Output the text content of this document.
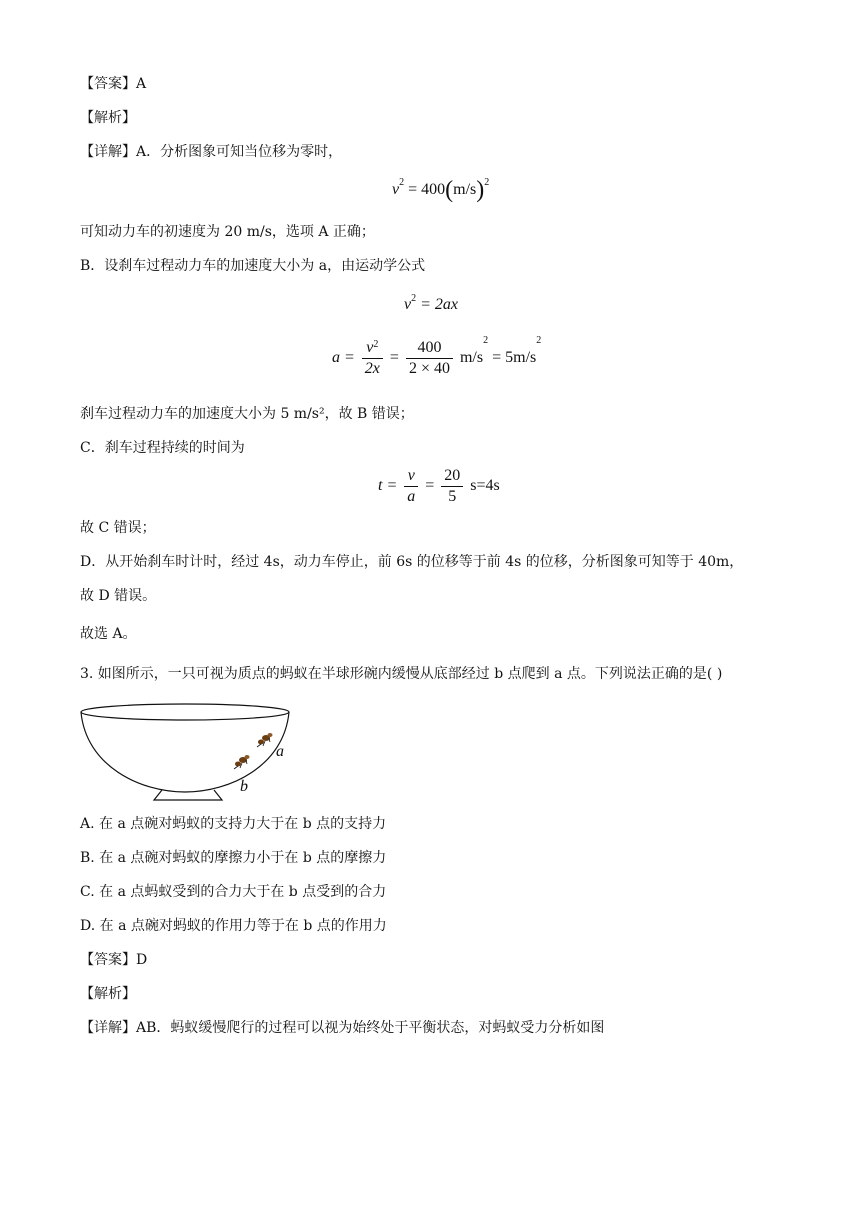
【答案】A
【解析】
【详解】A．分析图象可知当位移为零时，
$v^2 = 400(m/s)^2$
可知动力车的初速度为 20 m/s，选项 A 正确；
B．设刹车过程动力车的加速度大小为 a，由运动学公式
$v^2 = 2ax$
$a = \frac{v^2}{2x} = \frac{400}{2 \times 40} m/s^2 = 5m/s^2$
刹车过程动力车的加速度大小为 5 m/s²，故 B 错误；
C．刹车过程持续的时间为
$t = \frac{v}{a} = \frac{20}{5} s=4s$
故 C 错误；
D．从开始刹车时计时，经过 4s，动力车停止，前 6s 的位移等于前 4s 的位移，分析图象可知等于 40m，
故 D 错误。
故选 A。
3. 如图所示，一只可视为质点的蚂蚁在半球形碗内缓慢从底部经过 b 点爬到 a 点。下列说法正确的是( )
a
b
A. 在 a 点碗对蚂蚁的支持力大于在 b 点的支持力
B. 在 a 点碗对蚂蚁的摩擦力小于在 b 点的摩擦力
C. 在 a 点蚂蚁受到的合力大于在 b 点受到的合力
D. 在 a 点碗对蚂蚁的作用力等于在 b 点的作用力
【答案】D
【解析】
【详解】AB．蚂蚁缓慢爬行的过程可以视为始终处于平衡状态，对蚂蚁受力分析如图
